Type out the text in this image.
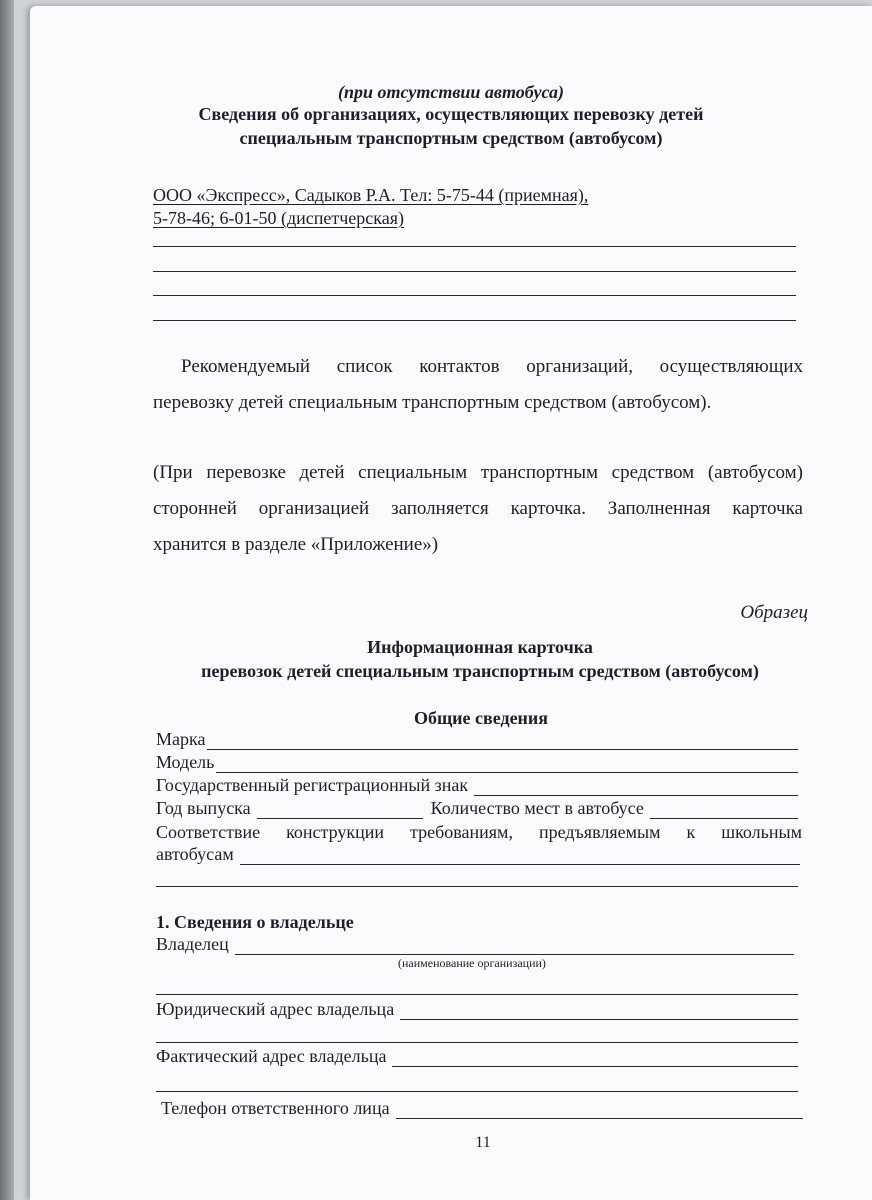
(при отсутствии автобуса)
Сведения об организациях, осуществляющих перевозку детей
специальным транспортным средством (автобусом)
ООО «Экспресс», Садыков Р.А. Тел: 5-75-44 (приемная),
5-78-46; 6-01-50 (диспетчерская)
Рекомендуемый список контактов организаций, осуществляющих
перевозку детей специальным транспортным средством (автобусом).
(При перевозке детей специальным транспортным средством (автобусом)
сторонней организацией заполняется карточка. Заполненная карточка
хранится в разделе «Приложение»)
Образец
Информационная карточка
перевозок детей специальным транспортным средством (автобусом)
Общие сведения
Марка
Модель
Государственный регистрационный знак
Год выпуска	Количество мест в автобусе
Соответствие конструкции требованиям, предъявляемым к школьным
автобусам
1. Сведения о владельце
Владелец
(наименование организации)
Юридический адрес владельца
Фактический адрес владельца
Телефон ответственного лица
11
